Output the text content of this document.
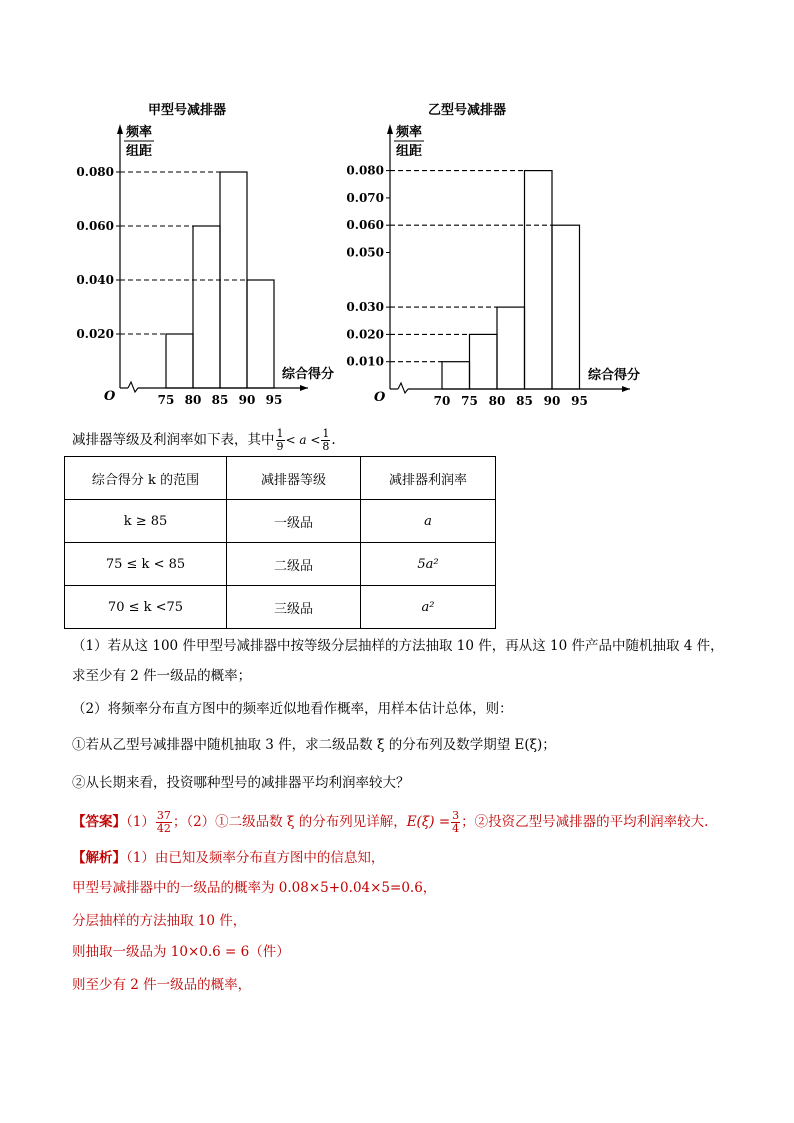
甲型号减排器
频率
组距
综合得分
O
0.020
0.040
0.060
0.080
75 80 85 90 95
乙型号减排器
频率
组距
综合得分
O
0.010
0.020
0.030
0.050
0.060
0.070
0.080
70 75 80 85 90 95
减排器等级及利润率如下表，其中 $\frac{1}{9} < a < \frac{1}{8}$ .
综合得分 k 的范围	减排器等级	减排器利润率
k ≥ 85	一级品	a
75 ≤ k < 85	二级品	5a²
70 ≤ k <75	三级品	a²
（1）若从这 100 件甲型号减排器中按等级分层抽样的方法抽取 10 件，再从这 10 件产品中随机抽取 4 件，
求至少有 2 件一级品的概率；
（2）将频率分布直方图中的频率近似地看作概率，用样本估计总体，则：
①若从乙型号减排器中随机抽取 3 件，求二级品数 ξ 的分布列及数学期望 E(ξ)；
②从长期来看，投资哪种型号的减排器平均利润率较大？
【答案】$(1) \frac{37}{42}$ ；（2）①二级品数 ξ 的分布列见详解，$E(\xi) = \frac{3}{4}$ ；②投资乙型号减排器的平均利润率较大.
【解析】（1）由已知及频率分布直方图中的信息知，
甲型号减排器中的一级品的概率为 0.08×5+0.04×5=0.6，
分层抽样的方法抽取 10 件，
则抽取一级品为 10×0.6 = 6（件）
则至少有 2 件一级品的概率，
